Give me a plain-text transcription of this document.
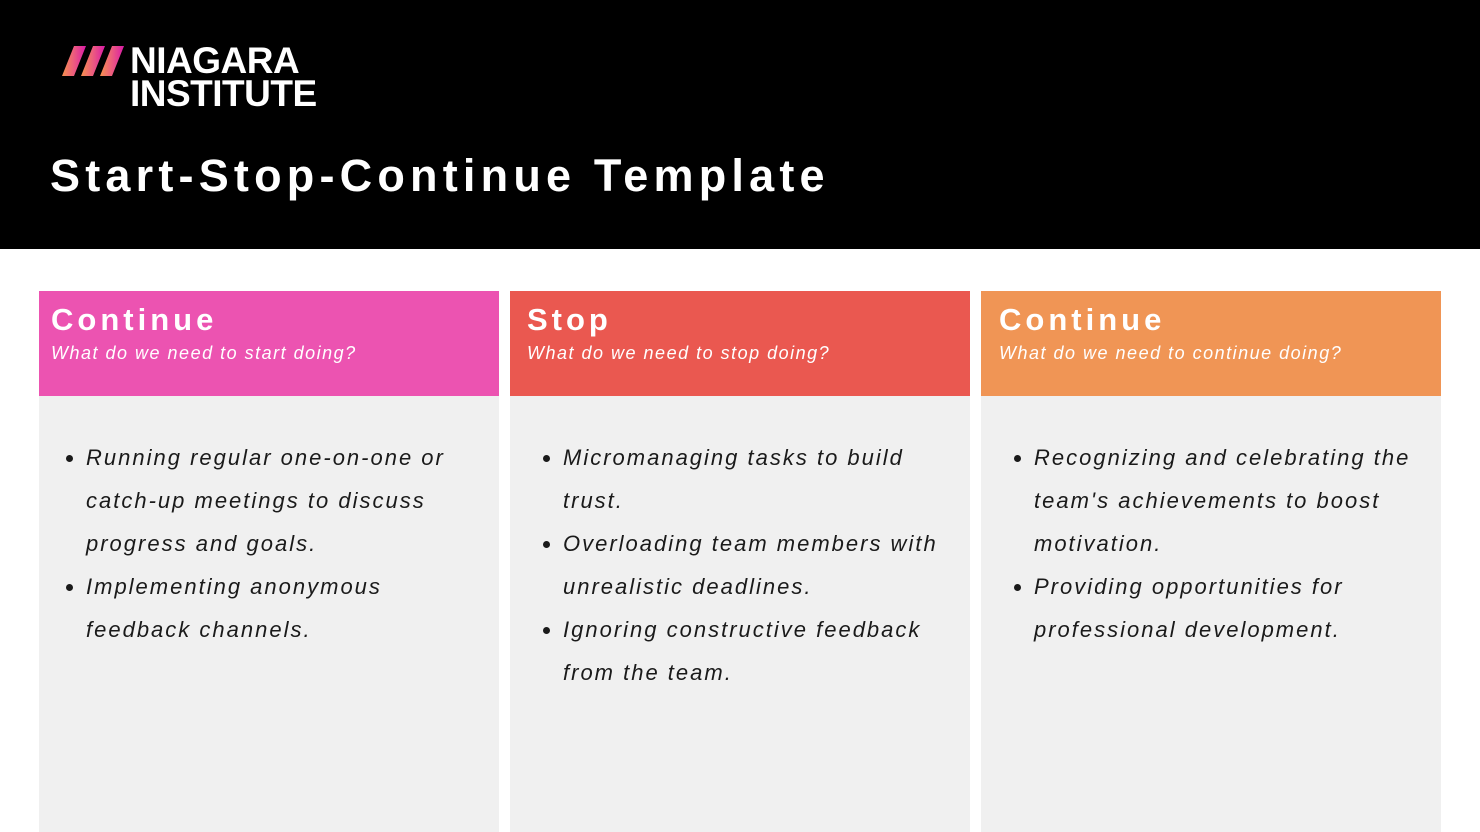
NIAGARA
INSTITUTE
Start-Stop-Continue Template
Continue
What do we need to start doing?
Running regular one-on-one or catch-up meetings to discuss progress and goals.
Implementing anonymous feedback channels.
Stop
What do we need to stop doing?
Micromanaging tasks to build trust.
Overloading team members with unrealistic deadlines.
Ignoring constructive feedback from the team.
Continue
What do we need to continue doing?
Recognizing and celebrating the team's achievements to boost motivation.
Providing opportunities for professional development.
